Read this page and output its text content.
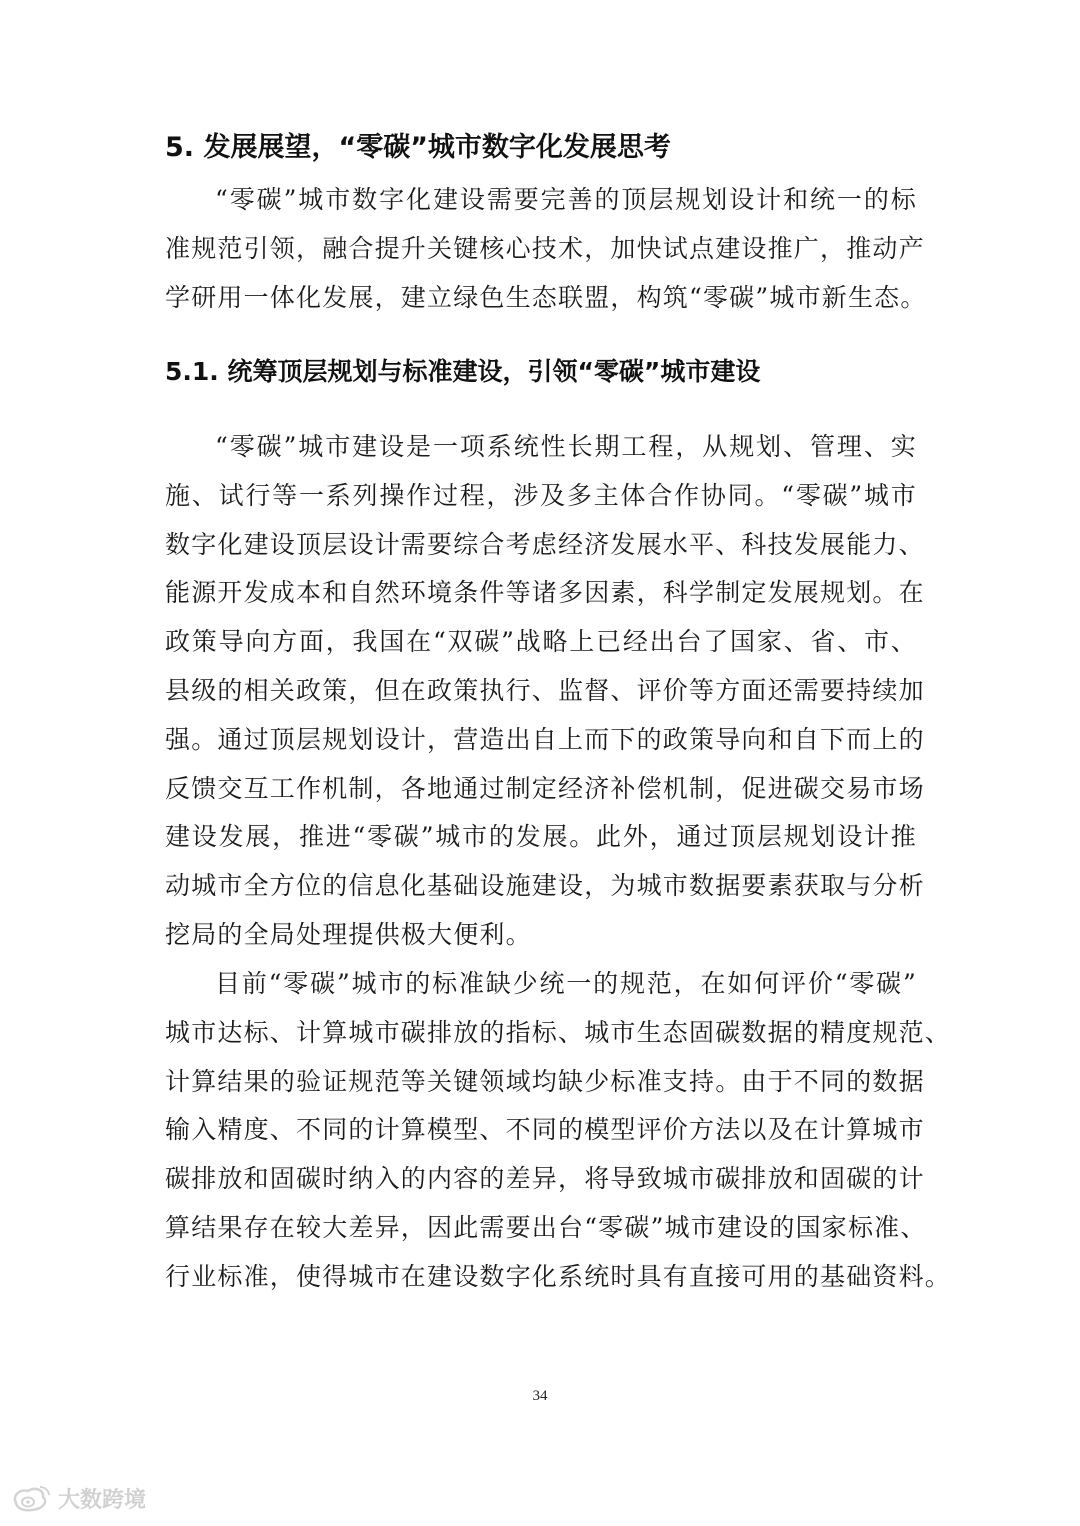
5. 发展展望，“零碳”城市数字化发展思考

“零碳”城市数字化建设需要完善的顶层规划设计和统一的标
准规范引领，融合提升关键核心技术，加快试点建设推广，推动产
学研用一体化发展，建立绿色生态联盟，构筑“零碳”城市新生态。

5.1. 统筹顶层规划与标准建设，引领“零碳”城市建设

“零碳”城市建设是一项系统性长期工程，从规划、管理、实
施、试行等一系列操作过程，涉及多主体合作协同。“零碳”城市
数字化建设顶层设计需要综合考虑经济发展水平、科技发展能力、
能源开发成本和自然环境条件等诸多因素，科学制定发展规划。在
政策导向方面，我国在“双碳”战略上已经出台了国家、省、市、
县级的相关政策，但在政策执行、监督、评价等方面还需要持续加
强。通过顶层规划设计，营造出自上而下的政策导向和自下而上的
反馈交互工作机制，各地通过制定经济补偿机制，促进碳交易市场
建设发展，推进“零碳”城市的发展。此外，通过顶层规划设计推
动城市全方位的信息化基础设施建设，为城市数据要素获取与分析
挖局的全局处理提供极大便利。

目前“零碳”城市的标准缺少统一的规范，在如何评价“零碳”
城市达标、计算城市碳排放的指标、城市生态固碳数据的精度规范、
计算结果的验证规范等关键领域均缺少标准支持。由于不同的数据
输入精度、不同的计算模型、不同的模型评价方法以及在计算城市
碳排放和固碳时纳入的内容的差异，将导致城市碳排放和固碳的计
算结果存在较大差异，因此需要出台“零碳”城市建设的国家标准、
行业标准，使得城市在建设数字化系统时具有直接可用的基础资料。

34
大数跨境
